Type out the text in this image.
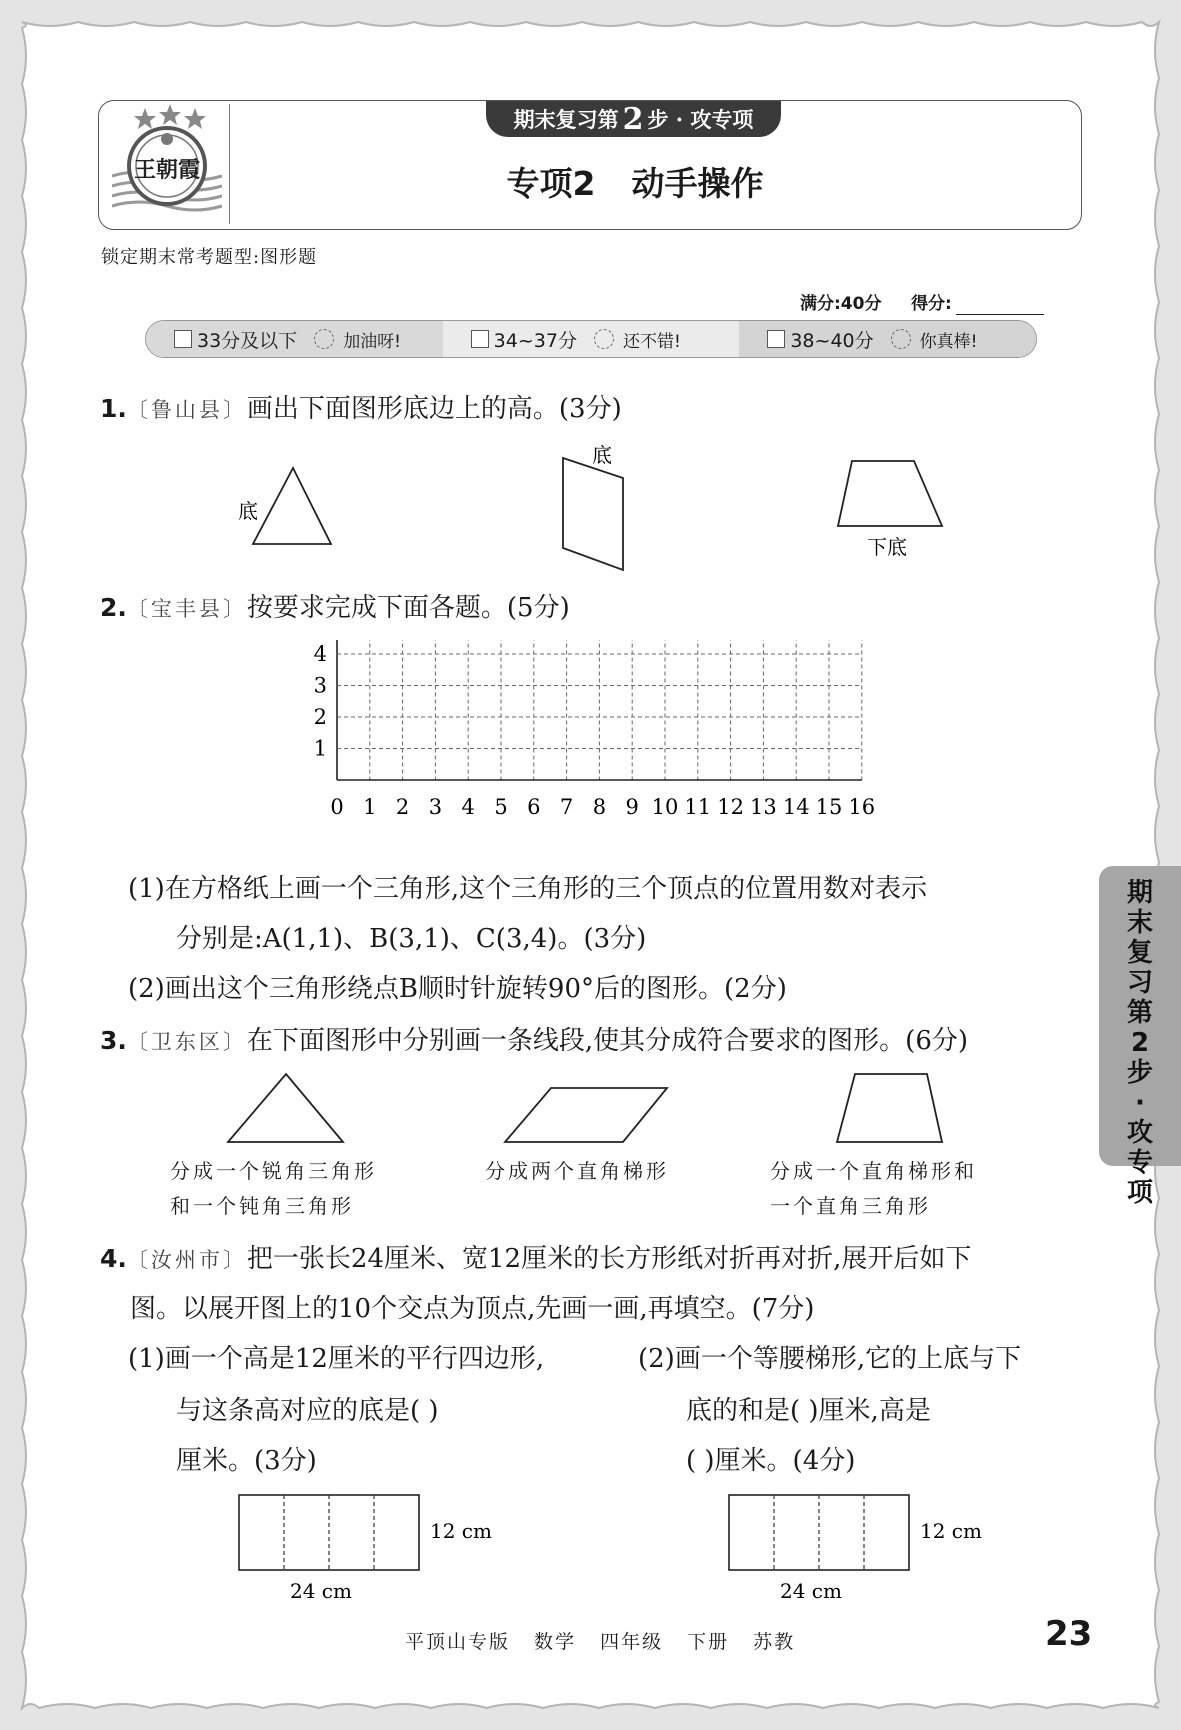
王朝霞
期末复习第 2 步 · 攻专项
专项2 动手操作
锁定期末常考题型:图形题
满分:40分 得分:
33分及以下	加油呀!	34~37分	还不错!	38~40分	你真棒!
1.〔鲁山县〕画出下面图形底边上的高。(3分)
底
底
下底
2.〔宝丰县〕按要求完成下面各题。(5分)
4
3
2
1
0 1 2 3 4 5 6 7 8 9 10 11 12 13 14 15 16
(1)在方格纸上画一个三角形,这个三角形的三个顶点的位置用数对表示
分别是:A(1,1)、B(3,1)、C(3,4)。(3分)
(2)画出这个三角形绕点B顺时针旋转90°后的图形。(2分)
3.〔卫东区〕在下面图形中分别画一条线段,使其分成符合要求的图形。(6分)
分成一个锐角三角形
和一个钝角三角形
分成两个直角梯形	分成一个直角梯形和
一个直角三角形
4.〔汝州市〕把一张长24厘米、宽12厘米的长方形纸对折再对折,展开后如下
图。以展开图上的10个交点为顶点,先画一画,再填空。(7分)
(1)画一个高是12厘米的平行四边形,
与这条高对应的底是( )
厘米。(3分)
(2)画一个等腰梯形,它的上底与下
底的和是( )厘米,高是
( )厘米。(4分)
12 cm
24 cm
12 cm
24 cm
期
末
复
习
第
2
步
·
攻
专
项
平顶山专版 数学 四年级 下册 苏教	23
